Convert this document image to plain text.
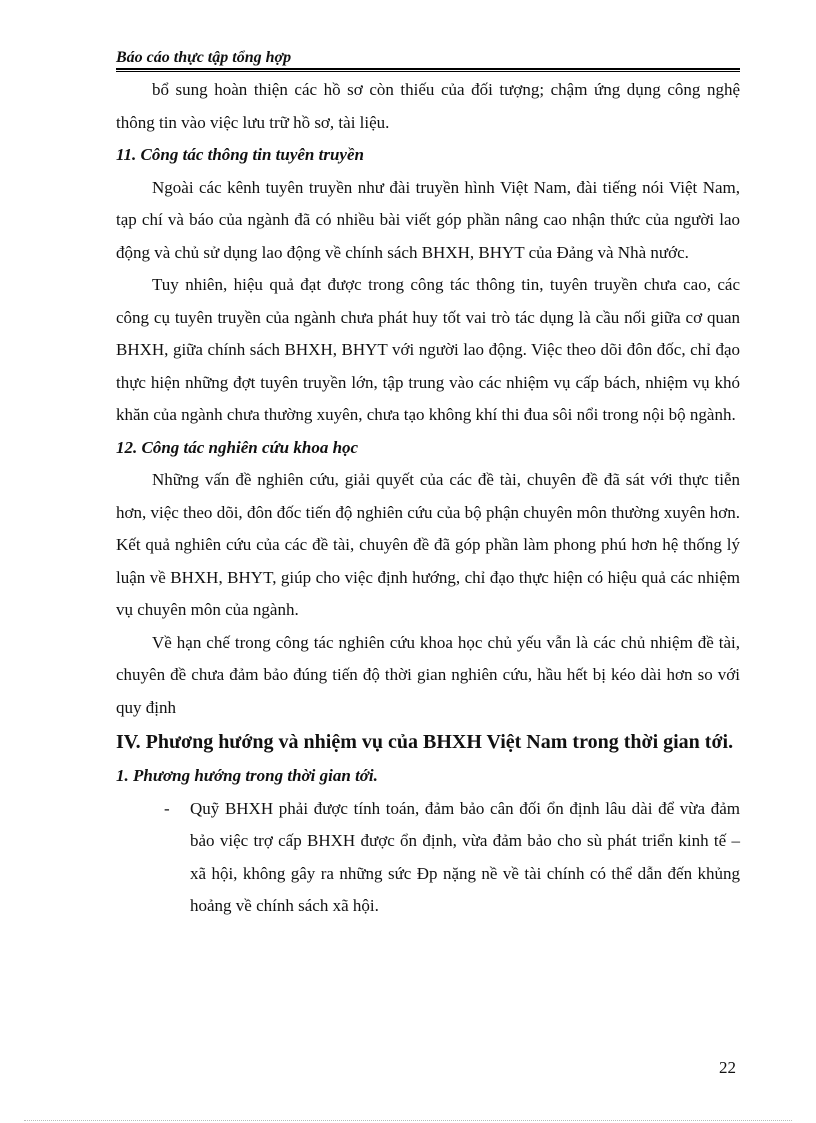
Báo cáo thực tập tổng hợp

bổ sung hoàn thiện các hồ sơ còn thiếu của đối tượng; chậm ứng dụng công nghệ thông tin vào việc lưu trữ hồ sơ, tài liệu.

11. Công tác thông tin tuyên truyền

Ngoài các kênh tuyên truyền như đài truyền hình Việt Nam, đài tiếng nói Việt Nam, tạp chí và báo của ngành đã có nhiều bài viết góp phần nâng cao nhận thức của người lao động và chủ sử dụng lao động về chính sách BHXH, BHYT của Đảng và Nhà nước.

Tuy nhiên, hiệu quả đạt được trong công tác thông tin, tuyên truyền chưa cao, các công cụ tuyên truyền của ngành chưa phát huy tốt vai trò tác dụng là cầu nối giữa cơ quan BHXH, giữa chính sách BHXH, BHYT với người lao động. Việc theo dõi đôn đốc, chỉ đạo thực hiện những đợt tuyên truyền lớn, tập trung vào các nhiệm vụ cấp bách, nhiệm vụ khó khăn của ngành chưa thường xuyên, chưa tạo không khí thi đua sôi nổi trong nội bộ ngành.

12. Công tác nghiên cứu khoa học

Những vấn đề nghiên cứu, giải quyết của các đề tài, chuyên đề đã sát với thực tiễn hơn, việc theo dõi, đôn đốc tiến độ nghiên cứu của bộ phận chuyên môn thường xuyên hơn. Kết quả nghiên cứu của các đề tài, chuyên đề đã góp phần làm phong phú hơn hệ thống lý luận về BHXH, BHYT, giúp cho việc định hướng, chỉ đạo thực hiện có hiệu quả các nhiệm vụ chuyên môn của ngành.

Về hạn chế trong công tác nghiên cứu khoa học chủ yếu vẫn là các chủ nhiệm đề tài, chuyên đề chưa đảm bảo đúng tiến độ thời gian nghiên cứu, hầu hết bị kéo dài hơn so với quy định

IV. Phương hướng và nhiệm vụ của BHXH Việt Nam trong thời gian tới.

1. Phương hướng trong thời gian tới.

- Quỹ BHXH phải được tính toán, đảm bảo cân đối ổn định lâu dài để vừa đảm bảo việc trợ cấp BHXH được ổn định, vừa đảm bảo cho sù phát triển kinh tế – xã hội, không gây ra những sức Đp nặng nề về tài chính có thể dẫn đến khủng hoảng về chính sách xã hội.

22
